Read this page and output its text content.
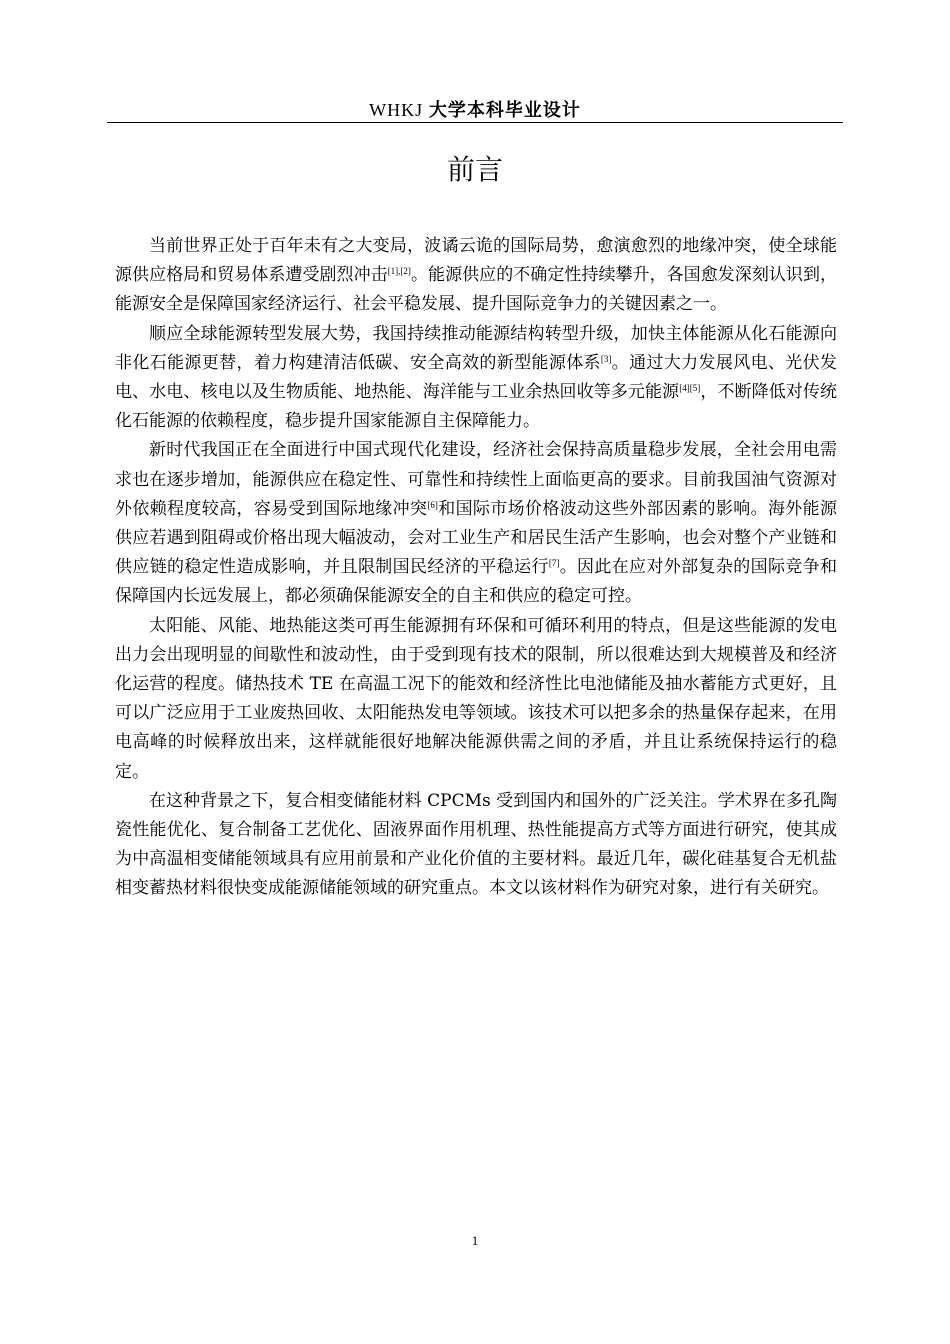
WHKJ 大学本科毕业设计
前言

当前世界正处于百年未有之大变局，波谲云诡的国际局势，愈演愈烈的地缘冲突，使全球能源供应格局和贸易体系遭受剧烈冲击[1],[2]。能源供应的不确定性持续攀升，各国愈发深刻认识到，能源安全是保障国家经济运行、社会平稳发展、提升国际竞争力的关键因素之一。

顺应全球能源转型发展大势，我国持续推动能源结构转型升级，加快主体能源从化石能源向非化石能源更替，着力构建清洁低碳、安全高效的新型能源体系[3]。通过大力发展风电、光伏发电、水电、核电以及生物质能、地热能、海洋能与工业余热回收等多元能源[4][5]，不断降低对传统化石能源的依赖程度，稳步提升国家能源自主保障能力。

新时代我国正在全面进行中国式现代化建设，经济社会保持高质量稳步发展，全社会用电需求也在逐步增加，能源供应在稳定性、可靠性和持续性上面临更高的要求。目前我国油气资源对外依赖程度较高，容易受到国际地缘冲突[6]和国际市场价格波动这些外部因素的影响。海外能源供应若遇到阻碍或价格出现大幅波动，会对工业生产和居民生活产生影响，也会对整个产业链和供应链的稳定性造成影响，并且限制国民经济的平稳运行[7]。因此在应对外部复杂的国际竞争和保障国内长远发展上，都必须确保能源安全的自主和供应的稳定可控。

太阳能、风能、地热能这类可再生能源拥有环保和可循环利用的特点，但是这些能源的发电出力会出现明显的间歇性和波动性，由于受到现有技术的限制，所以很难达到大规模普及和经济化运营的程度。储热技术 TE 在高温工况下的能效和经济性比电池储能及抽水蓄能方式更好，且可以广泛应用于工业废热回收、太阳能热发电等领域。该技术可以把多余的热量保存起来，在用电高峰的时候释放出来，这样就能很好地解决能源供需之间的矛盾，并且让系统保持运行的稳定。

在这种背景之下，复合相变储能材料 CPCMs 受到国内和国外的广泛关注。学术界在多孔陶瓷性能优化、复合制备工艺优化、固液界面作用机理、热性能提高方式等方面进行研究，使其成为中高温相变储能领域具有应用前景和产业化价值的主要材料。最近几年，碳化硅基复合无机盐相变蓄热材料很快变成能源储能领域的研究重点。本文以该材料作为研究对象，进行有关研究。

1
